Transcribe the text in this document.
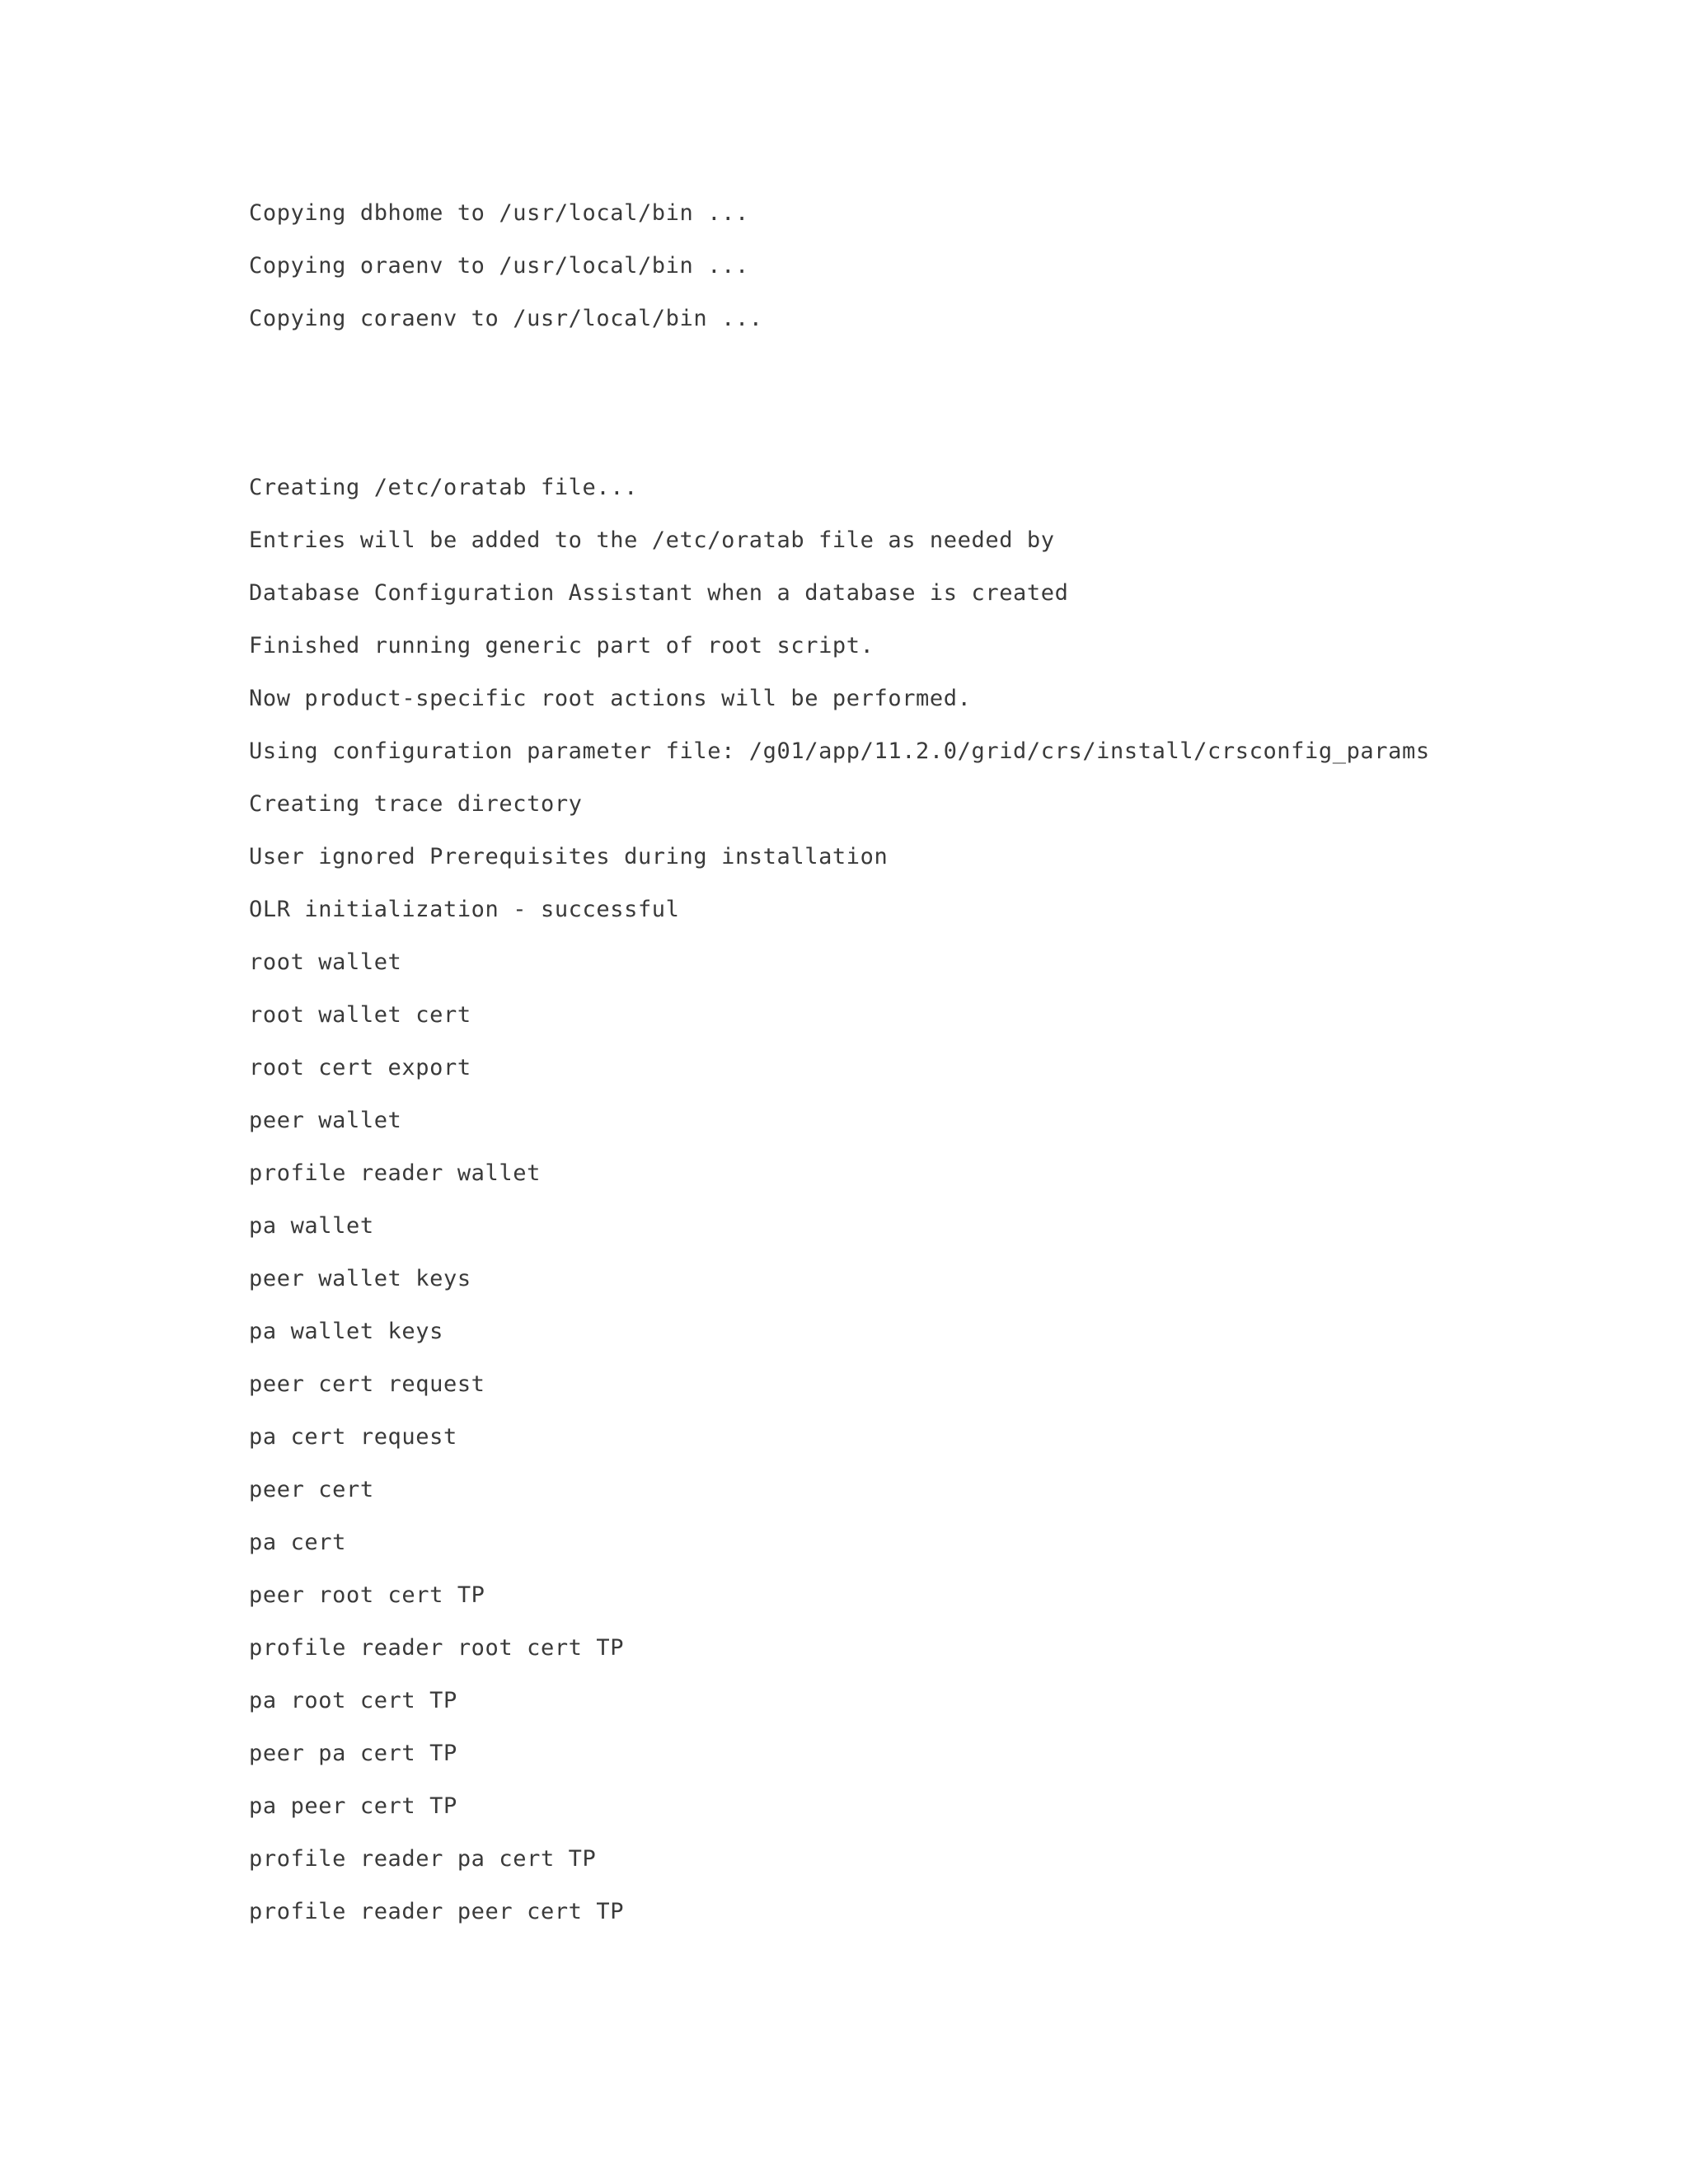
Copying dbhome to /usr/local/bin ...
Copying oraenv to /usr/local/bin ...
Copying coraenv to /usr/local/bin ...
Creating /etc/oratab file...
Entries will be added to the /etc/oratab file as needed by
Database Configuration Assistant when a database is created
Finished running generic part of root script.
Now product-specific root actions will be performed.
Using configuration parameter file: /g01/app/11.2.0/grid/crs/install/crsconfig_params
Creating trace directory
User ignored Prerequisites during installation
OLR initialization - successful
root wallet
root wallet cert
root cert export
peer wallet
profile reader wallet
pa wallet
peer wallet keys
pa wallet keys
peer cert request
pa cert request
peer cert
pa cert
peer root cert TP
profile reader root cert TP
pa root cert TP
peer pa cert TP
pa peer cert TP
profile reader pa cert TP
profile reader peer cert TP
